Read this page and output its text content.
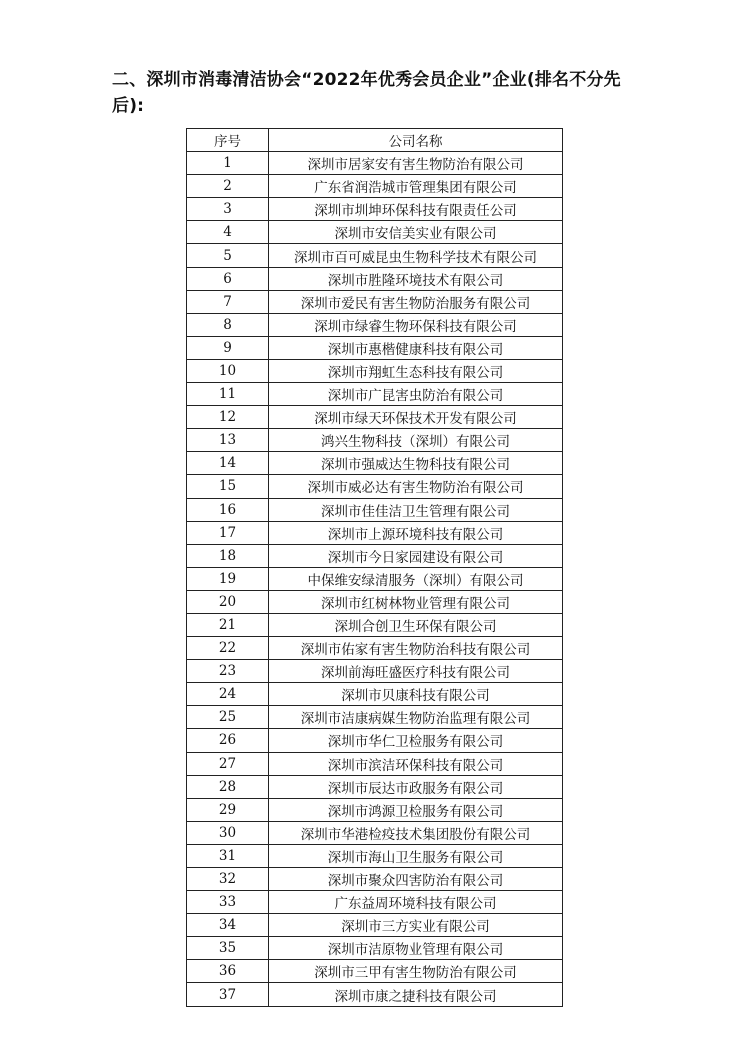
二、深圳市消毒清洁协会“2022年优秀会员企业”企业(排名不分先后):
序号	公司名称
1	深圳市居家安有害生物防治有限公司
2	广东省润浩城市管理集团有限公司
3	深圳市圳坤环保科技有限责任公司
4	深圳市安信美实业有限公司
5	深圳市百可威昆虫生物科学技术有限公司
6	深圳市胜隆环境技术有限公司
7	深圳市爱民有害生物防治服务有限公司
8	深圳市绿睿生物环保科技有限公司
9	深圳市惠楷健康科技有限公司
10	深圳市翔虹生态科技有限公司
11	深圳市广昆害虫防治有限公司
12	深圳市绿天环保技术开发有限公司
13	鸿兴生物科技（深圳）有限公司
14	深圳市强威达生物科技有限公司
15	深圳市威必达有害生物防治有限公司
16	深圳市佳佳洁卫生管理有限公司
17	深圳市上源环境科技有限公司
18	深圳市今日家园建设有限公司
19	中保维安绿清服务（深圳）有限公司
20	深圳市红树林物业管理有限公司
21	深圳合创卫生环保有限公司
22	深圳市佑家有害生物防治科技有限公司
23	深圳前海旺盛医疗科技有限公司
24	深圳市贝康科技有限公司
25	深圳市洁康病媒生物防治监理有限公司
26	深圳市华仁卫检服务有限公司
27	深圳市滨洁环保科技有限公司
28	深圳市辰达市政服务有限公司
29	深圳市鸿源卫检服务有限公司
30	深圳市华港检疫技术集团股份有限公司
31	深圳市海山卫生服务有限公司
32	深圳市聚众四害防治有限公司
33	广东益周环境科技有限公司
34	深圳市三方实业有限公司
35	深圳市洁原物业管理有限公司
36	深圳市三甲有害生物防治有限公司
37	深圳市康之捷科技有限公司
